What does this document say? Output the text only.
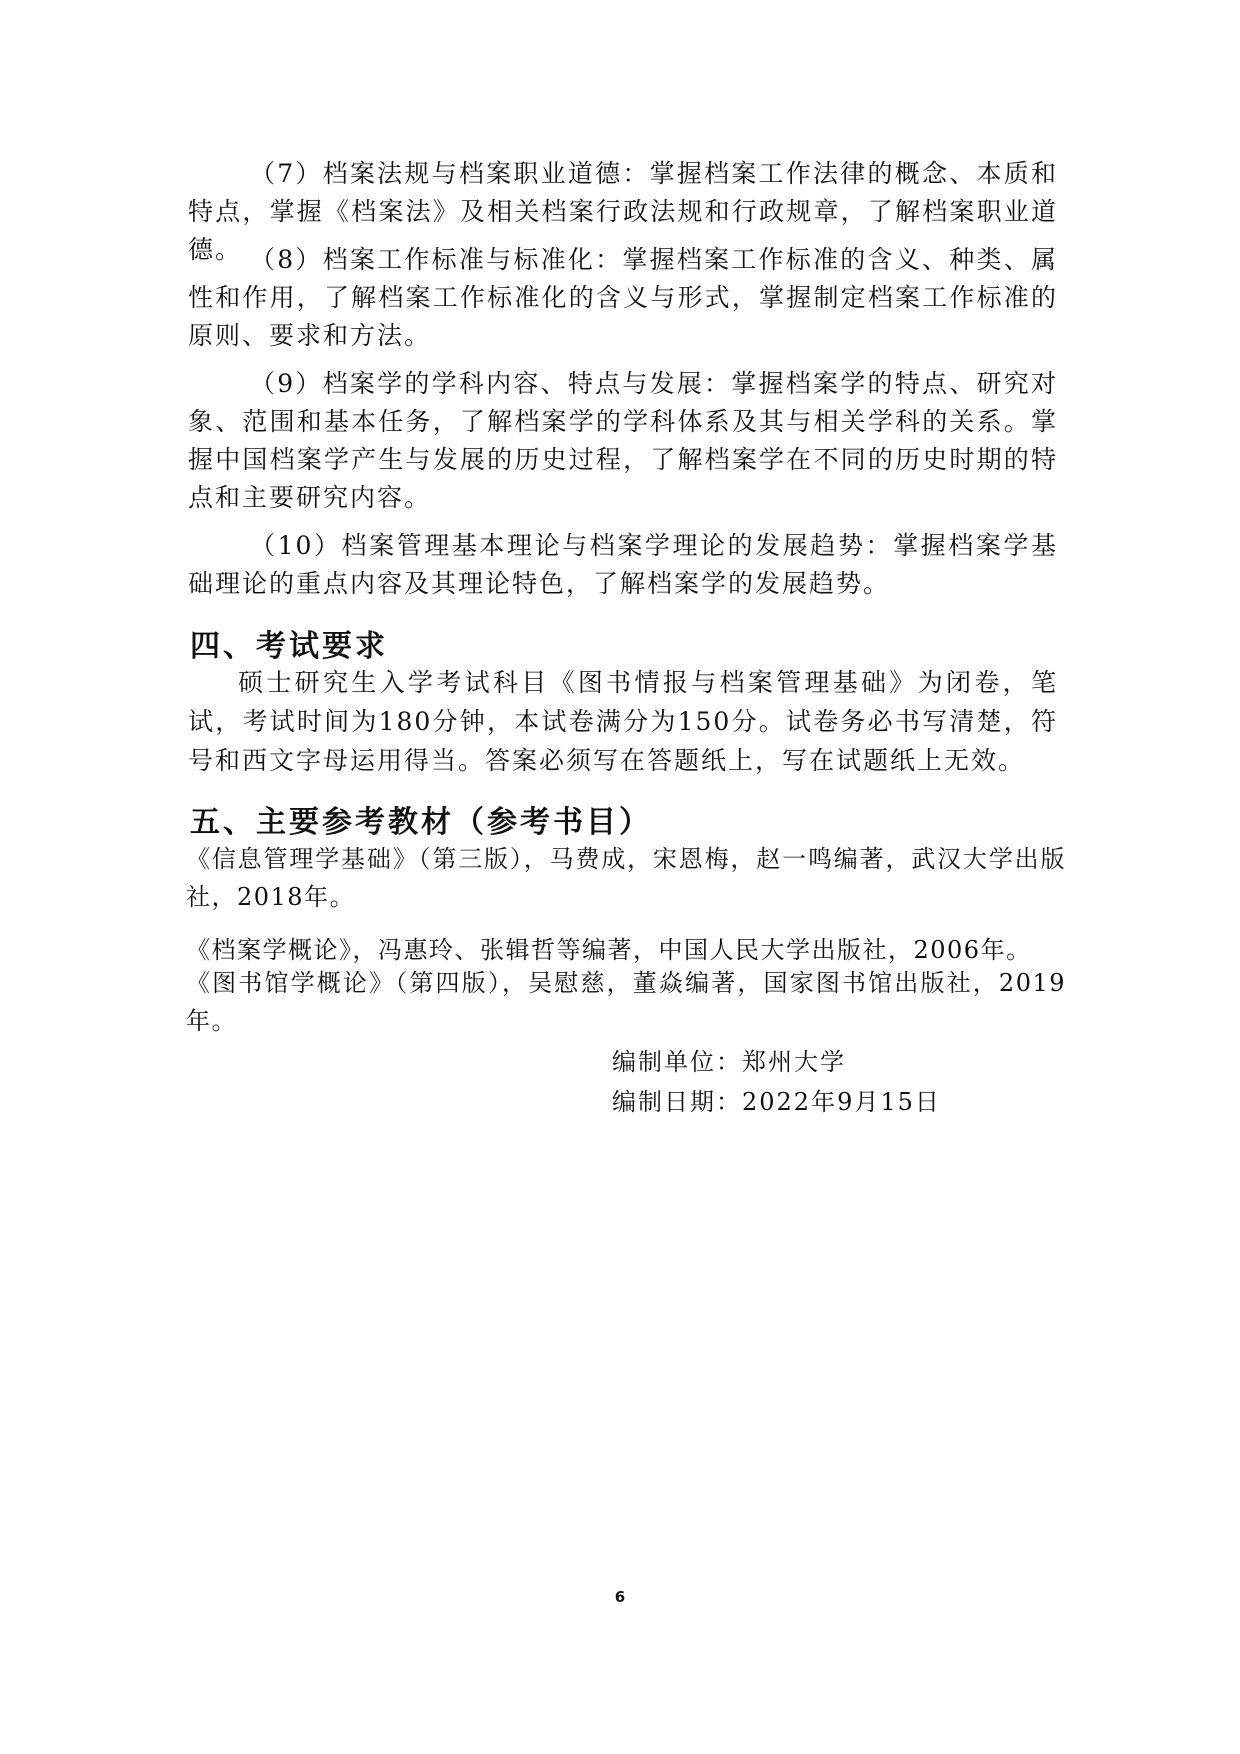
（7）档案法规与档案职业道德：掌握档案工作法律的概念、本质和特点，掌握《档案法》及相关档案行政法规和行政规章，了解档案职业道德。 （8）档案工作标准与标准化：掌握档案工作标准的含义、种类、属性和作用，了解档案工作标准化的含义与形式，掌握制定档案工作标准的原则、要求和方法。

（9）档案学的学科内容、特点与发展：掌握档案学的特点、研究对象、范围和基本任务，了解档案学的学科体系及其与相关学科的关系。掌握中国档案学产生与发展的历史过程，了解档案学在不同的历史时期的特点和主要研究内容。

（10）档案管理基本理论与档案学理论的发展趋势：掌握档案学基础理论的重点内容及其理论特色，了解档案学的发展趋势。

四、考试要求

硕士研究生入学考试科目《图书情报与档案管理基础》为闭卷，笔试，考试时间为180分钟，本试卷满分为150分。试卷务必书写清楚，符号和西文字母运用得当。答案必须写在答题纸上，写在试题纸上无效。

五、主要参考教材（参考书目）

《信息管理学基础》（第三版），马费成，宋恩梅，赵一鸣编著，武汉大学出版社，2018年。

《档案学概论》，冯惠玲、张辑哲等编著，中国人民大学出版社，2006年。

《图书馆学概论》（第四版），吴慰慈，董焱编著，国家图书馆出版社，2019 年。

编制单位：郑州大学

编制日期：2022年9月15日

6
